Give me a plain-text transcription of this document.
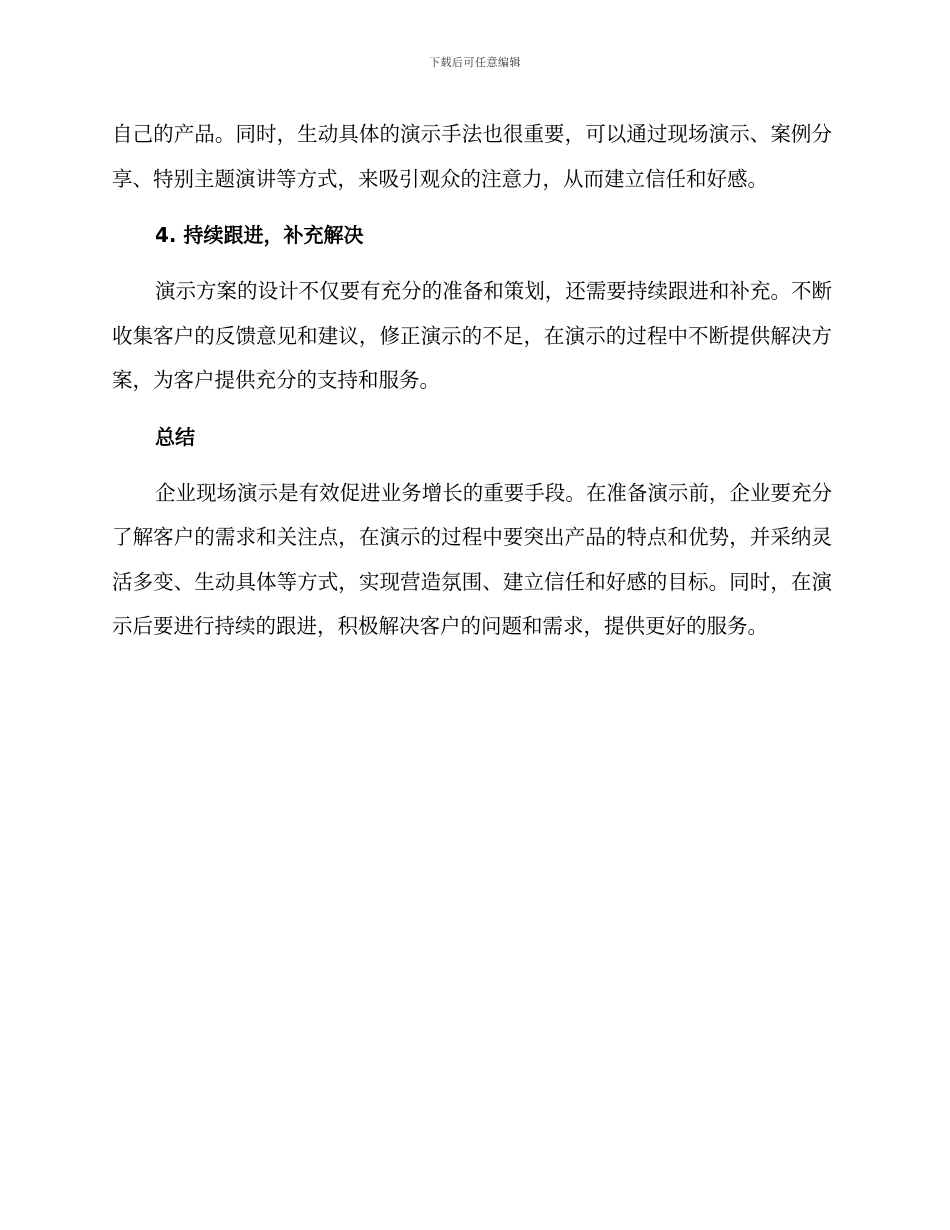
下载后可任意编辑

自己的产品。同时，生动具体的演示手法也很重要，可以通过现场演示、案例分享、特别主题演讲等方式，来吸引观众的注意力，从而建立信任和好感。

4. 持续跟进，补充解决

演示方案的设计不仅要有充分的准备和策划，还需要持续跟进和补充。不断收集客户的反馈意见和建议，修正演示的不足，在演示的过程中不断提供解决方案，为客户提供充分的支持和服务。

总结

企业现场演示是有效促进业务增长的重要手段。在准备演示前，企业要充分了解客户的需求和关注点，在演示的过程中要突出产品的特点和优势，并采纳灵活多变、生动具体等方式，实现营造氛围、建立信任和好感的目标。同时，在演示后要进行持续的跟进，积极解决客户的问题和需求，提供更好的服务。
